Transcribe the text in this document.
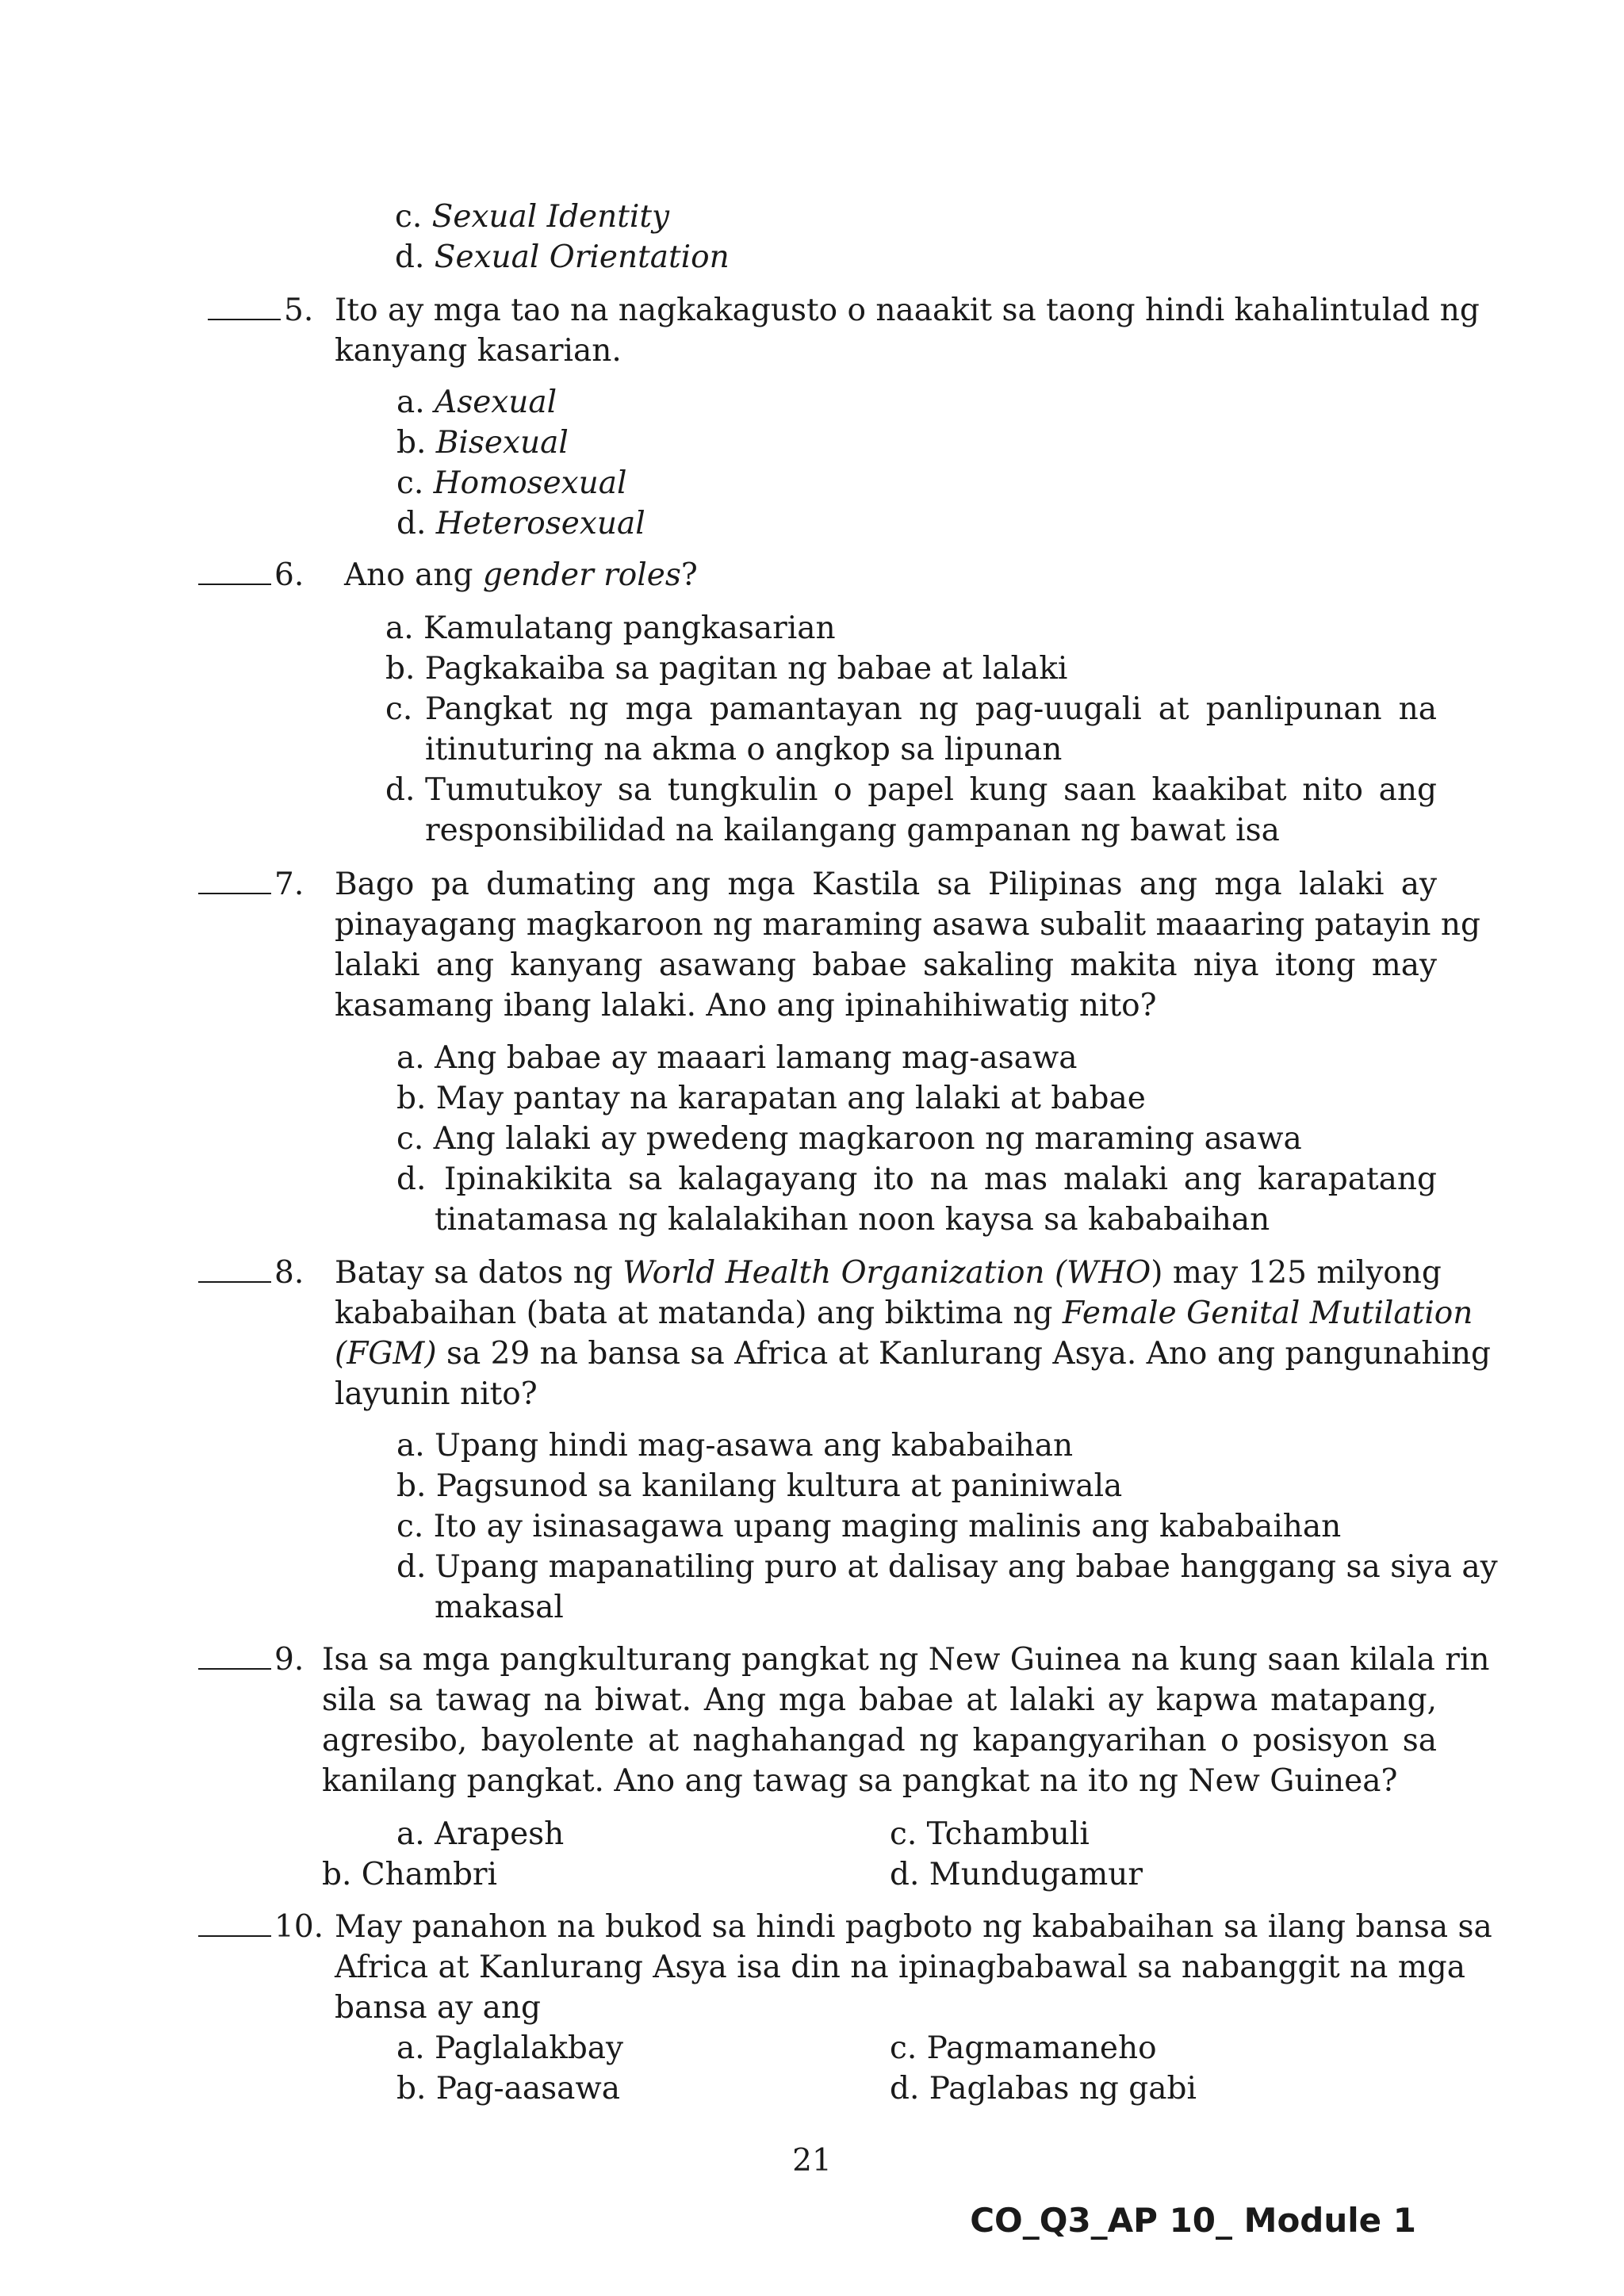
c. Sexual Identity
d. Sexual Orientation
5. Ito ay mga tao na nagkakagusto o naaakit sa taong hindi kahalintulad ng
kanyang kasarian.
a. Asexual
b. Bisexual
c. Homosexual
d. Heterosexual
6. Ano ang gender roles?
a. Kamulatang pangkasarian
b. Pagkakaiba sa pagitan ng babae at lalaki
c. Pangkat ng mga pamantayan ng pag-uugali at panlipunan na
itinuturing na akma o angkop sa lipunan
d. Tumutukoy sa tungkulin o papel kung saan kaakibat nito ang
responsibilidad na kailangang gampanan ng bawat isa
7. Bago pa dumating ang mga Kastila sa Pilipinas ang mga lalaki ay
pinayagang magkaroon ng maraming asawa subalit maaaring patayin ng
lalaki ang kanyang asawang babae sakaling makita niya itong may
kasamang ibang lalaki. Ano ang ipinahihiwatig nito?
a. Ang babae ay maaari lamang mag-asawa
b. May pantay na karapatan ang lalaki at babae
c. Ang lalaki ay pwedeng magkaroon ng maraming asawa
d. Ipinakikita sa kalagayang ito na mas malaki ang karapatang
tinatamasa ng kalalakihan noon kaysa sa kababaihan
8. Batay sa datos ng World Health Organization (WHO) may 125 milyong
kababaihan (bata at matanda) ang biktima ng Female Genital Mutilation
(FGM) sa 29 na bansa sa Africa at Kanlurang Asya. Ano ang pangunahing
layunin nito?
a. Upang hindi mag-asawa ang kababaihan
b. Pagsunod sa kanilang kultura at paniniwala
c. Ito ay isinasagawa upang maging malinis ang kababaihan
d. Upang mapanatiling puro at dalisay ang babae hanggang sa siya ay
makasal
9. Isa sa mga pangkulturang pangkat ng New Guinea na kung saan kilala rin
sila sa tawag na biwat. Ang mga babae at lalaki ay kapwa matapang,
agresibo, bayolente at naghahangad ng kapangyarihan o posisyon sa
kanilang pangkat. Ano ang tawag sa pangkat na ito ng New Guinea?
a. Arapesh	c. Tchambuli
b. Chambri	d. Mundugamur
10. May panahon na bukod sa hindi pagboto ng kababaihan sa ilang bansa sa
Africa at Kanlurang Asya isa din na ipinagbabawal sa nabanggit na mga
bansa ay ang
a. Paglalakbay	c. Pagmamaneho
b. Pag-aasawa	d. Paglabas ng gabi
21
CO_Q3_AP 10_ Module 1
